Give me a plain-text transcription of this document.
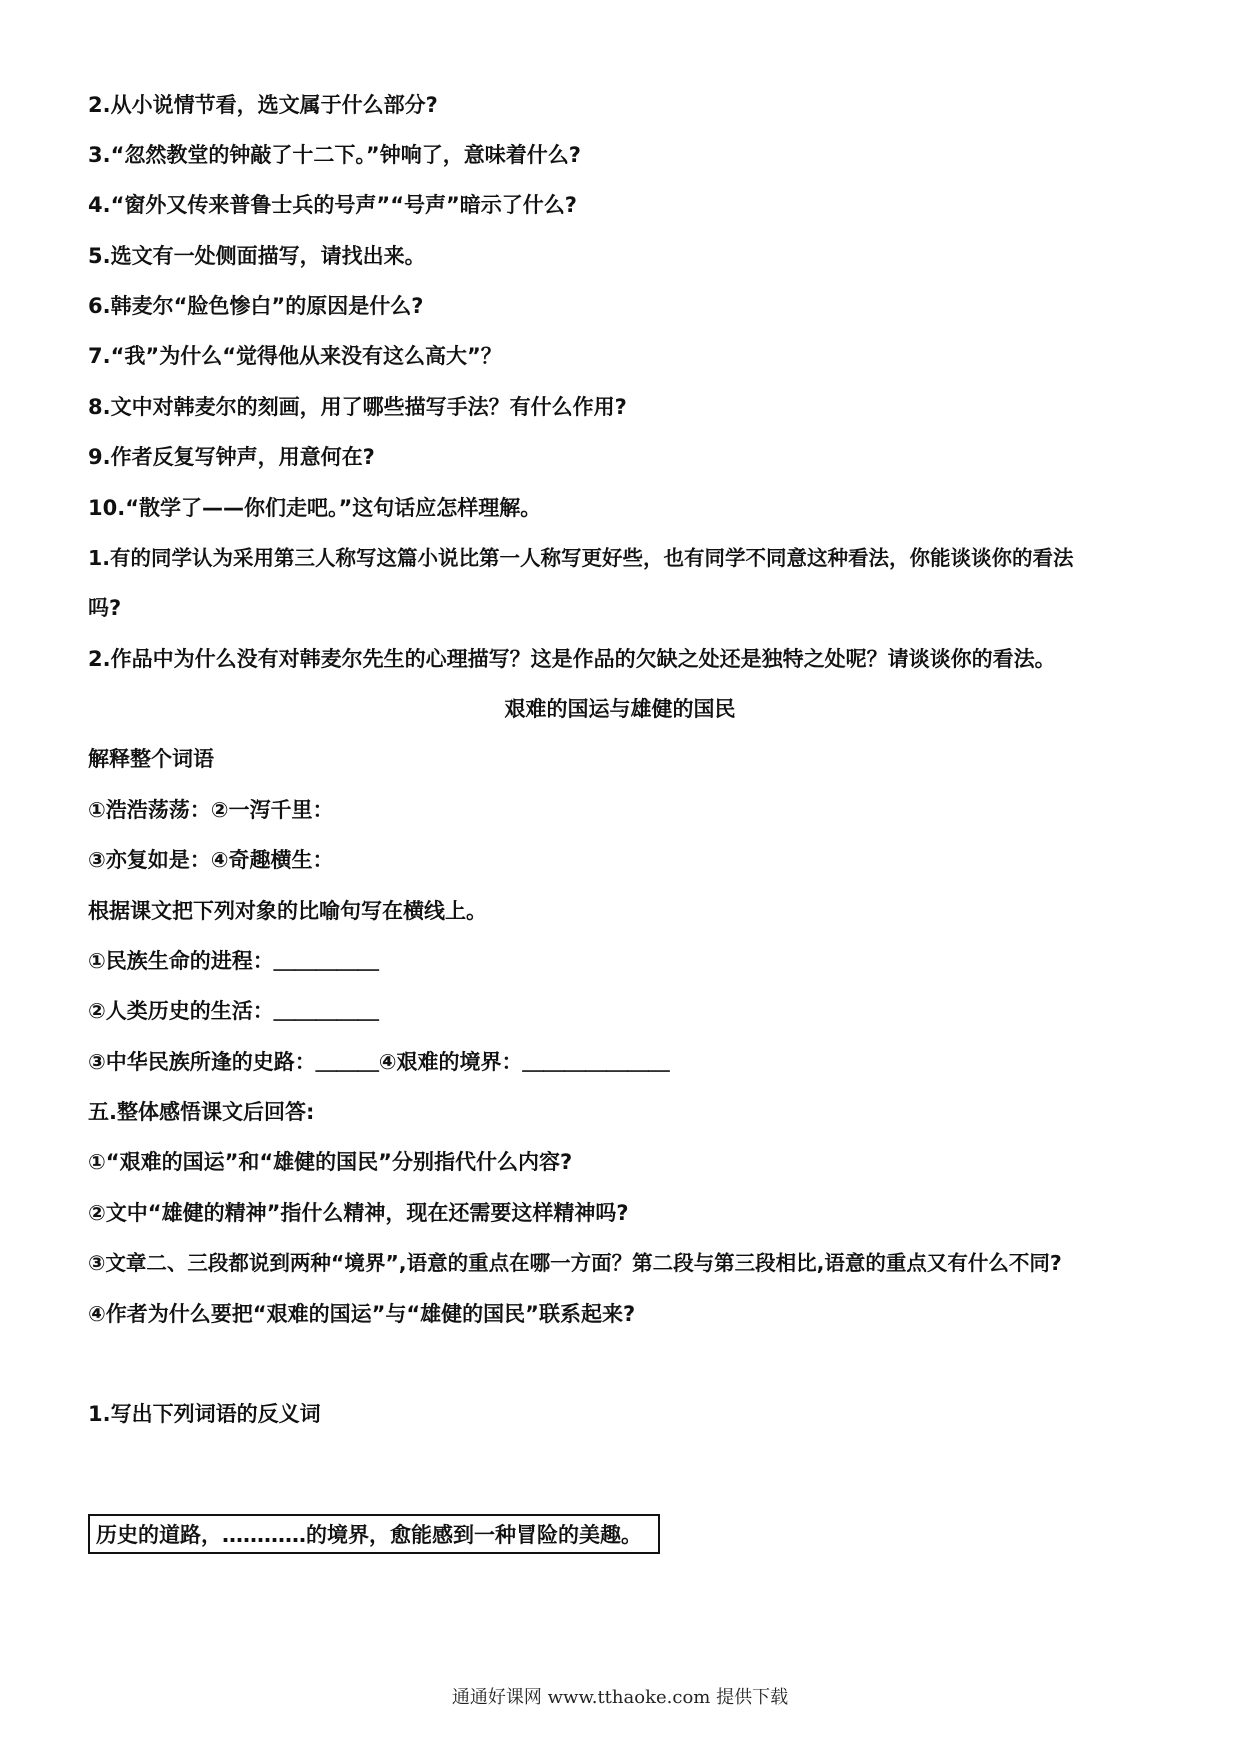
2.从小说情节看，选文属于什么部分?
3.“忽然教堂的钟敲了十二下。”钟响了，意味着什么?
4.“窗外又传来普鲁士兵的号声”“号声”暗示了什么?
5.选文有一处侧面描写，请找出来。
6.韩麦尔“脸色惨白”的原因是什么?
7.“我”为什么“觉得他从来没有这么高大”？
8.文中对韩麦尔的刻画，用了哪些描写手法？有什么作用?
9.作者反复写钟声，用意何在?
10.“散学了——你们走吧。”这句话应怎样理解。
1.有的同学认为采用第三人称写这篇小说比第一人称写更好些，也有同学不同意这种看法，你能谈谈你的看法
吗?
2.作品中为什么没有对韩麦尔先生的心理描写？这是作品的欠缺之处还是独特之处呢？请谈谈你的看法。
艰难的国运与雄健的国民
解释整个词语
①浩浩荡荡：②一泻千里：
③亦复如是：④奇趣横生：
根据课文把下列对象的比喻句写在横线上。
①民族生命的进程：＿＿＿＿＿
②人类历史的生活：＿＿＿＿＿
③中华民族所逢的史路：＿＿＿④艰难的境界：＿＿＿＿＿＿＿
五.整体感悟课文后回答:
①“艰难的国运”和“雄健的国民”分别指代什么内容?
②文中“雄健的精神”指什么精神，现在还需要这样精神吗?
③文章二、三段都说到两种“境界”,语意的重点在哪一方面？第二段与第三段相比,语意的重点又有什么不同?
④作者为什么要把“艰难的国运”与“雄健的国民”联系起来?
历史的道路，…………的境界，愈能感到一种冒险的美趣。
1.写出下列词语的反义词
通通好课网 www.tthaoke.com 提供下载
